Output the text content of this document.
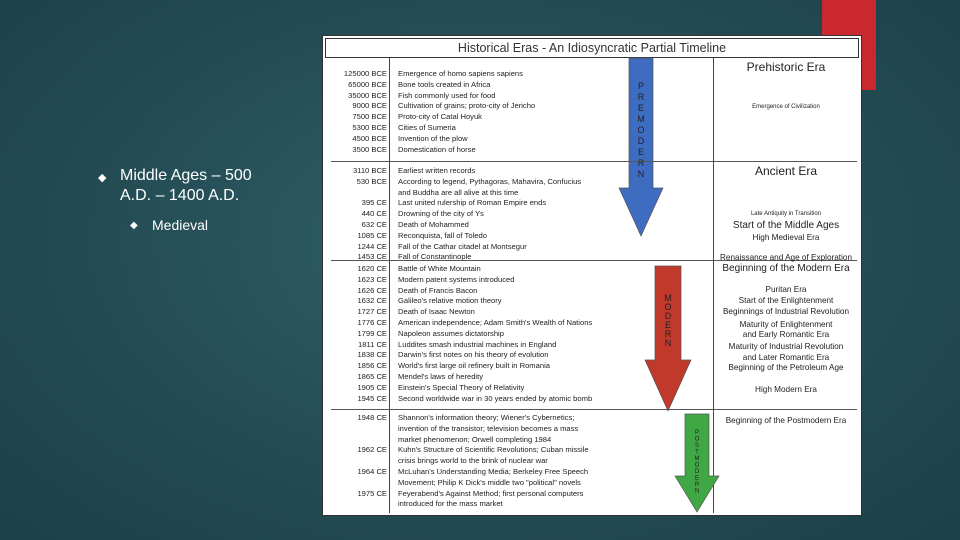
◆ Middle Ages – 500 A.D. – 1400 A.D.
◆ Medieval
Historical Eras - An Idiosyncratic Partial Timeline
P
R
E
M
O
D
E
R
N
M
O
D
E
R
N
P
O
S
T
M
O
D
E
R
N
125000 BCE Emergence of homo sapiens sapiens
65000 BCE Bone tools created in Africa
35000 BCE Fish commonly used for food
9000 BCE Cultivation of grains; proto-city of Jericho
7500 BCE Proto-city of Catal Hoyuk
5300 BCE Cities of Sumeria
4500 BCE Invention of the plow
3500 BCE Domestication of horse
3110 BCE Earliest written records
530 BCE According to legend, Pythagoras, Mahavira, Confucius
and Buddha are all alive at this time
395 CE Last united rulership of Roman Empire ends
440 CE Drowning of the city of Ys
632 CE Death of Mohammed
1085 CE Reconquista, fall of Toledo
1244 CE Fall of the Cathar citadel at Montsegur
1453 CE Fall of Constantinople
1620 CE Battle of White Mountain
1623 CE Modern patent systems introduced
1626 CE Death of Francis Bacon
1632 CE Galileo's relative motion theory
1727 CE Death of Isaac Newton
1776 CE American independence; Adam Smith's Wealth of Nations
1799 CE Napoleon assumes dictatorship
1811 CE Luddites smash industrial machines in England
1838 CE Darwin's first notes on his theory of evolution
1856 CE World's first large oil refinery built in Romania
1865 CE Mendel's laws of heredity
1905 CE Einstein's Special Theory of Relativity
1945 CE Second worldwide war in 30 years ended by atomic bomb
1948 CE Shannon's information theory; Wiener's Cybernetics;
invention of the transistor; television becomes a mass
market phenomenon; Orwell completing 1984
1962 CE Kuhn's Structure of Scientific Revolutions; Cuban missile
crisis brings world to the brink of nuclear war
1964 CE McLuhan's Understanding Media; Berkeley Free Speech
Movement; Philip K Dick's middle two "political" novels
1975 CE Feyerabend's Against Method; first personal computers
introduced for the mass market
Prehistoric Era
Emergence of Civilization
Ancient Era
Late Antiquity in Transition
Start of the Middle Ages
High Medieval Era
Renaissance and Age of Exploration
Beginning of the Modern Era
Puritan Era
Start of the Enlightenment
Beginnings of Industrial Revolution
Maturity of Enlightenment
and Early Romantic Era
Maturity of Industrial Revolution
and Later Romantic Era
Beginning of the Petroleum Age
High Modern Era
Beginning of the Postmodern Era
